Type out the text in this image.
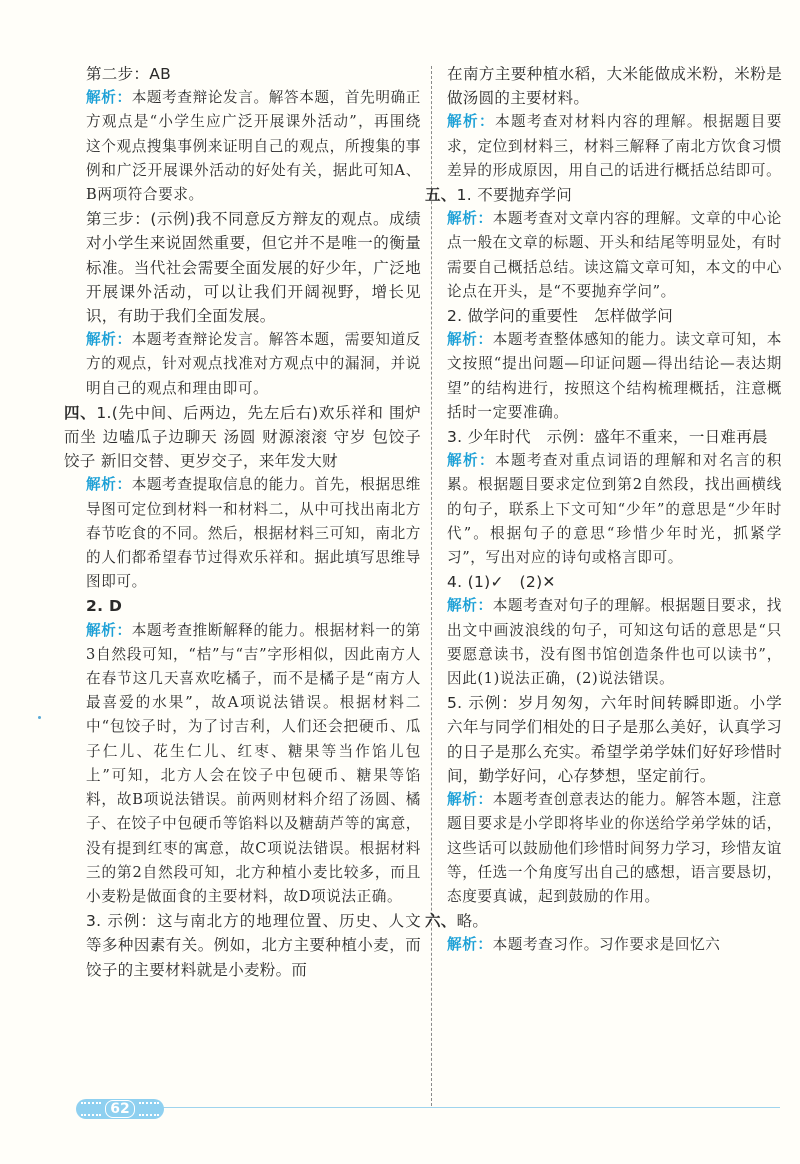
第二步：AB

解析：本题考查辩论发言。解答本题，首先明确正方观点是“小学生应广泛开展课外活动”，再围绕这个观点搜集事例来证明自己的观点，所搜集的事例和广泛开展课外活动的好处有关，据此可知A、B两项符合要求。

第三步：(示例)我不同意反方辩友的观点。成绩对小学生来说固然重要，但它并不是唯一的衡量标准。当代社会需要全面发展的好少年，广泛地开展课外活动，可以让我们开阔视野，增长见识，有助于我们全面发展。

解析：本题考查辩论发言。解答本题，需要知道反方的观点，针对观点找准对方观点中的漏洞，并说明自己的观点和理由即可。

四、1.(先中间、后两边，先左后右)欢乐祥和 围炉而坐 边嗑瓜子边聊天 汤圆 财源滚滚 守岁 包饺子 饺子 新旧交替、更岁交子，来年发大财

解析：本题考查提取信息的能力。首先，根据思维导图可定位到材料一和材料二，从中可找出南北方春节吃食的不同。然后，根据材料三可知，南北方的人们都希望春节过得欢乐祥和。据此填写思维导图即可。

2. D

解析：本题考查推断解释的能力。根据材料一的第3自然段可知，“桔”与“吉”字形相似，因此南方人在春节这几天喜欢吃橘子，而不是橘子是“南方人最喜爱的水果”，故A项说法错误。根据材料二中“包饺子时，为了讨吉利，人们还会把硬币、瓜子仁儿、花生仁儿、红枣、糖果等当作馅儿包上”可知，北方人会在饺子中包硬币、糖果等馅料，故B项说法错误。前两则材料介绍了汤圆、橘子、在饺子中包硬币等馅料以及糖葫芦等的寓意，没有提到红枣的寓意，故C项说法错误。根据材料三的第2自然段可知，北方种植小麦比较多，而且小麦粉是做面食的主要材料，故D项说法正确。

3. 示例：这与南北方的地理位置、历史、人文等多种因素有关。例如，北方主要种植小麦，而饺子的主要材料就是小麦粉。而

在南方主要种植水稻，大米能做成米粉，米粉是做汤圆的主要材料。

解析：本题考查对材料内容的理解。根据题目要求，定位到材料三，材料三解释了南北方饮食习惯差异的形成原因，用自己的话进行概括总结即可。

五、1. 不要抛弃学问

解析：本题考查对文章内容的理解。文章的中心论点一般在文章的标题、开头和结尾等明显处，有时需要自己概括总结。读这篇文章可知，本文的中心论点在开头，是“不要抛弃学问”。

2. 做学问的重要性　怎样做学问

解析：本题考查整体感知的能力。读文章可知，本文按照“提出问题—印证问题—得出结论—表达期望”的结构进行，按照这个结构梳理概括，注意概括时一定要准确。

3. 少年时代　示例：盛年不重来，一日难再晨

解析：本题考查对重点词语的理解和对名言的积累。根据题目要求定位到第2自然段，找出画横线的句子，联系上下文可知“少年”的意思是“少年时代”。根据句子的意思“珍惜少年时光，抓紧学习”，写出对应的诗句或格言即可。

4. (1)✓　(2)✕

解析：本题考查对句子的理解。根据题目要求，找出文中画波浪线的句子，可知这句话的意思是“只要愿意读书，没有图书馆创造条件也可以读书”，因此(1)说法正确，(2)说法错误。

5. 示例：岁月匆匆，六年时间转瞬即逝。小学六年与同学们相处的日子是那么美好，认真学习的日子是那么充实。希望学弟学妹们好好珍惜时间，勤学好问，心存梦想，坚定前行。

解析：本题考查创意表达的能力。解答本题，注意题目要求是小学即将毕业的你送给学弟学妹的话，这些话可以鼓励他们珍惜时间努力学习，珍惜友谊等，任选一个角度写出自己的感想，语言要恳切，态度要真诚，起到鼓励的作用。

六、略。

解析：本题考查习作。习作要求是回忆六

62
